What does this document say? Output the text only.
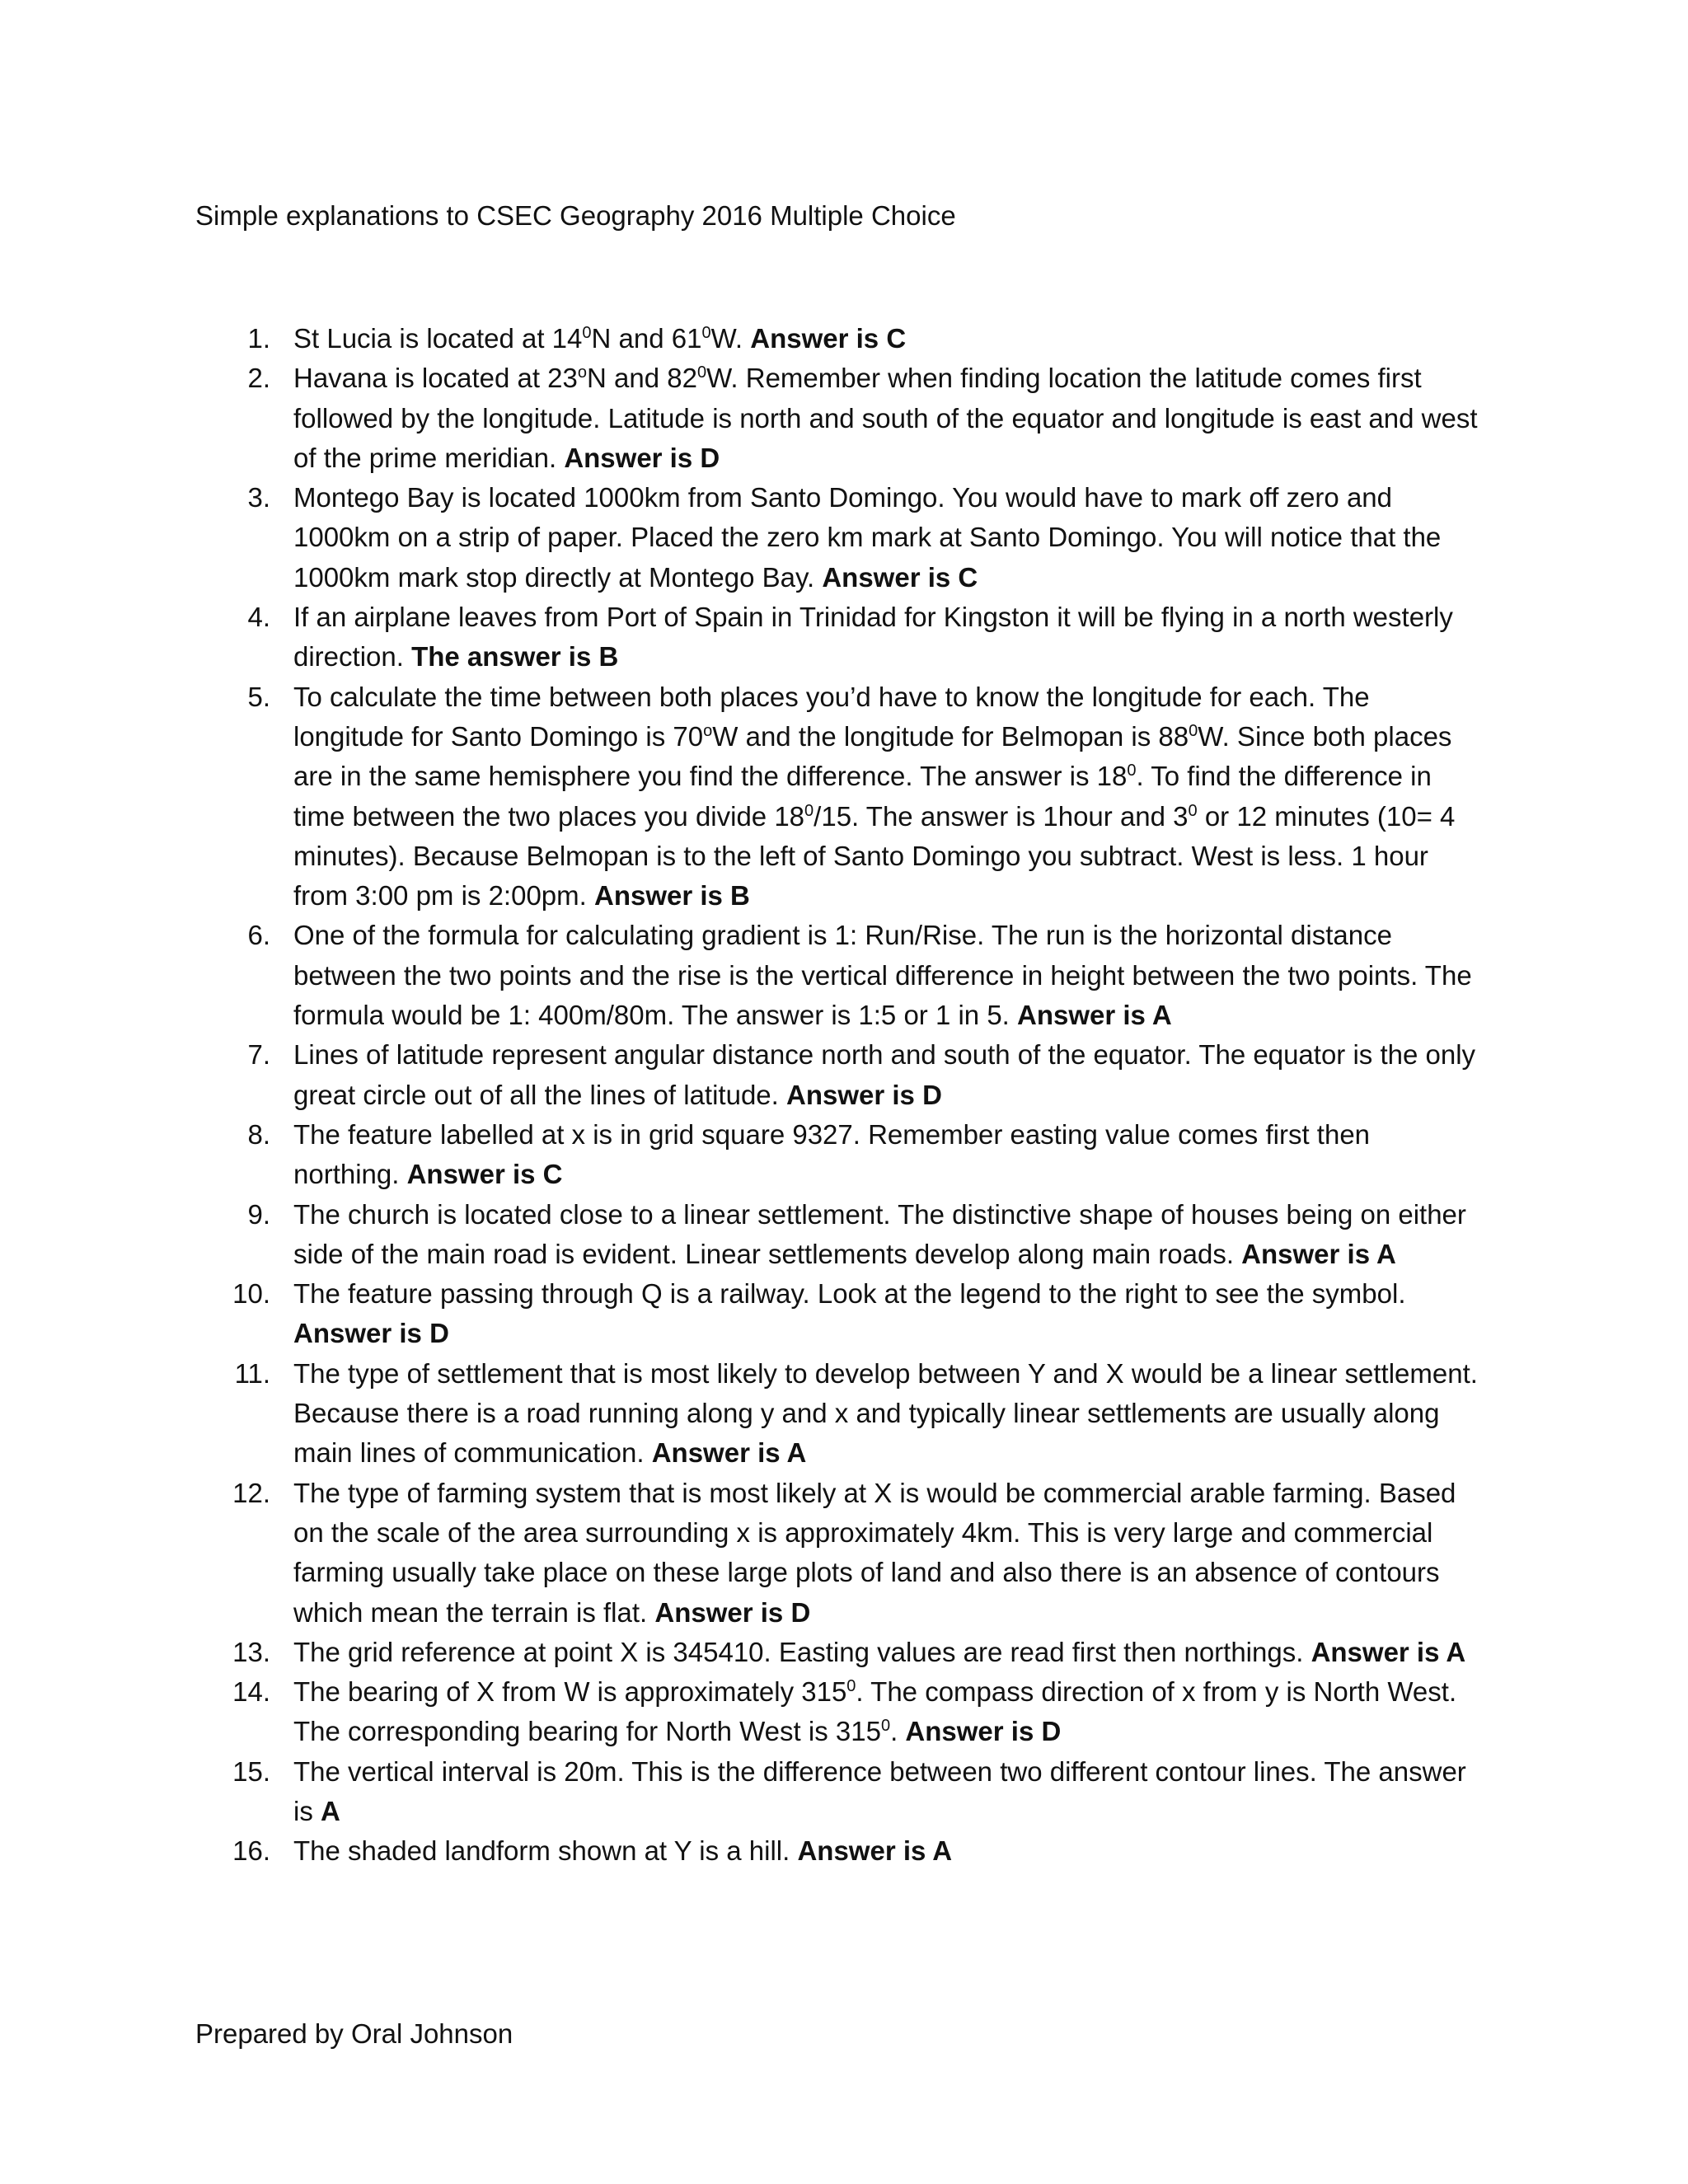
Simple explanations to CSEC Geography 2016 Multiple Choice
1. St Lucia is located at $14^0N$ and $61^0W$. Answer is C
2. Havana is located at 23$^o$N and $82^0W$. Remember when finding location the latitude comes first followed by the longitude. Latitude is north and south of the equator and longitude is east and west of the prime meridian. Answer is D
3. Montego Bay is located 1000km from Santo Domingo. You would have to mark off zero and 1000km on a strip of paper. Placed the zero km mark at Santo Domingo. You will notice that the 1000km mark stop directly at Montego Bay. Answer is C
4. If an airplane leaves from Port of Spain in Trinidad for Kingston it will be flying in a north westerly direction. The answer is B
5. To calculate the time between both places you’d have to know the longitude for each. The longitude for Santo Domingo is 70$^o$W and the longitude for Belmopan is $88^0W$. Since both places are in the same hemisphere you find the difference. The answer is $18^0$. To find the difference in time between the two places you divide $18^0/15$. The answer is 1hour and $3^0$ or 12 minutes (10= 4 minutes). Because Belmopan is to the left of Santo Domingo you subtract. West is less. 1 hour from 3:00 pm is 2:00pm. Answer is B
6. One of the formula for calculating gradient is 1: Run/Rise. The run is the horizontal distance between the two points and the rise is the vertical difference in height between the two points. The formula would be 1: 400m/80m. The answer is 1:5 or 1 in 5. Answer is A
7. Lines of latitude represent angular distance north and south of the equator. The equator is the only great circle out of all the lines of latitude. Answer is D
8. The feature labelled at x is in grid square 9327. Remember easting value comes first then northing. Answer is C
9. The church is located close to a linear settlement. The distinctive shape of houses being on either side of the main road is evident. Linear settlements develop along main roads. Answer is A
10. The feature passing through Q is a railway. Look at the legend to the right to see the symbol. Answer is D
11. The type of settlement that is most likely to develop between Y and X would be a linear settlement. Because there is a road running along y and x and typically linear settlements are usually along main lines of communication. Answer is A
12. The type of farming system that is most likely at X is would be commercial arable farming. Based on the scale of the area surrounding x is approximately 4km. This is very large and commercial farming usually take place on these large plots of land and also there is an absence of contours which mean the terrain is flat. Answer is D
13. The grid reference at point X is 345410. Easting values are read first then northings. Answer is A
14. The bearing of X from W is approximately $315^0$. The compass direction of x from y is North West. The corresponding bearing for North West is $315^0$. Answer is D
15. The vertical interval is 20m. This is the difference between two different contour lines. The answer is A
16. The shaded landform shown at Y is a hill. Answer is A
Prepared by Oral Johnson
